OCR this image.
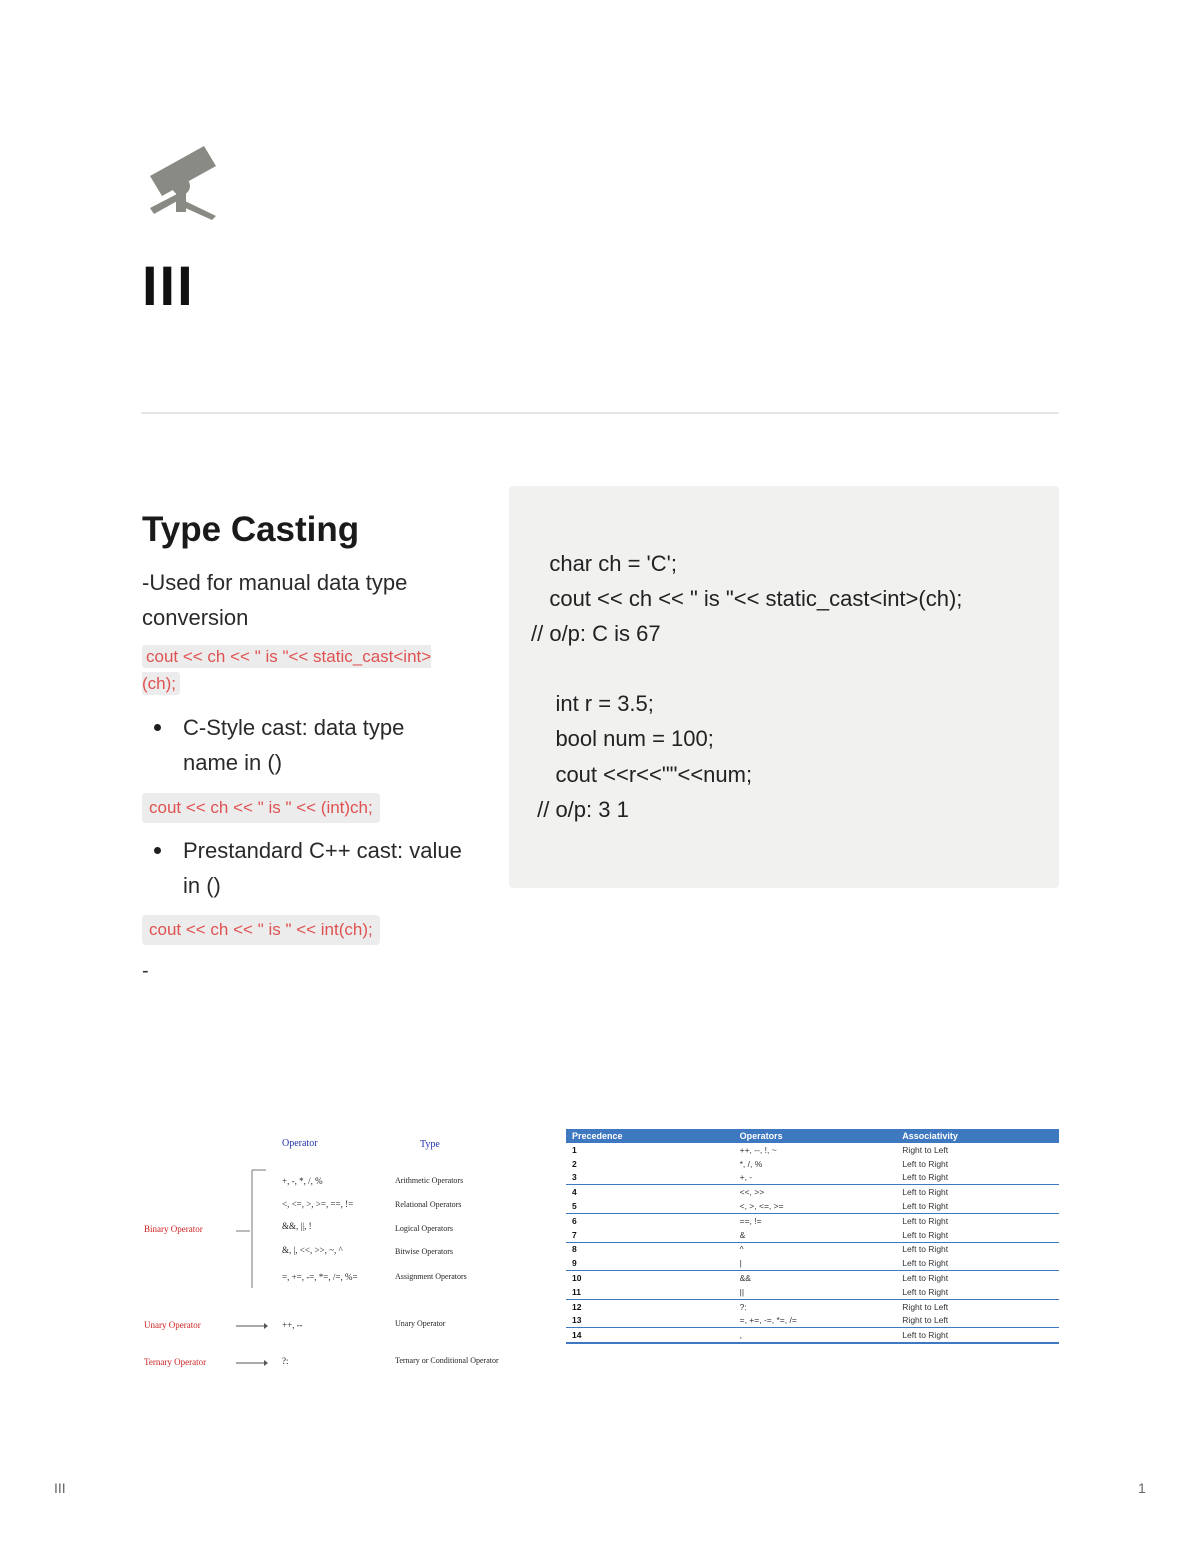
III
Type Casting
-Used for manual data type conversion
cout << ch << " is "<< static_cast<int>(ch);
C-Style cast: data type name in ()
cout << ch << " is " << (int)ch;
Prestandard C++ cast: value in ()
cout << ch << " is " << int(ch);
-
char ch = 'C';
cout << ch << " is "<< static_cast<int>(ch);
// o/p: C is 67
int r = 3.5;
bool num = 100;
cout <<r<<""<<num;
// o/p: 3 1
Operator	Type
Binary Operator
+, -, *, /, %	Arithmetic Operators
<, <=, >, >=, ==, !=	Relational Operators
&&, ||, !	Logical Operators
&, |, <<, >>, ~, ^	Bitwise Operators
=, +=, -=, *=, /=, %=	Assignment Operators
Unary Operator	++, --	Unary Operator
Ternary Operator	?:	Ternary or Conditional Operator
Precedence	Operators	Associativity
1	++, --, !, ~	Right to Left
2	*, /, %	Left to Right
3	+, -	Left to Right
4	<<, >>	Left to Right
5	<, >, <=, >=	Left to Right
6	==, !=	Left to Right
7	&	Left to Right
8	^	Left to Right
9	|	Left to Right
10	&&	Left to Right
11	||	Left to Right
12	?:	Right to Left
13	=, +=, -=, *=, /=	Right to Left
14	,	Left to Right
III	1
